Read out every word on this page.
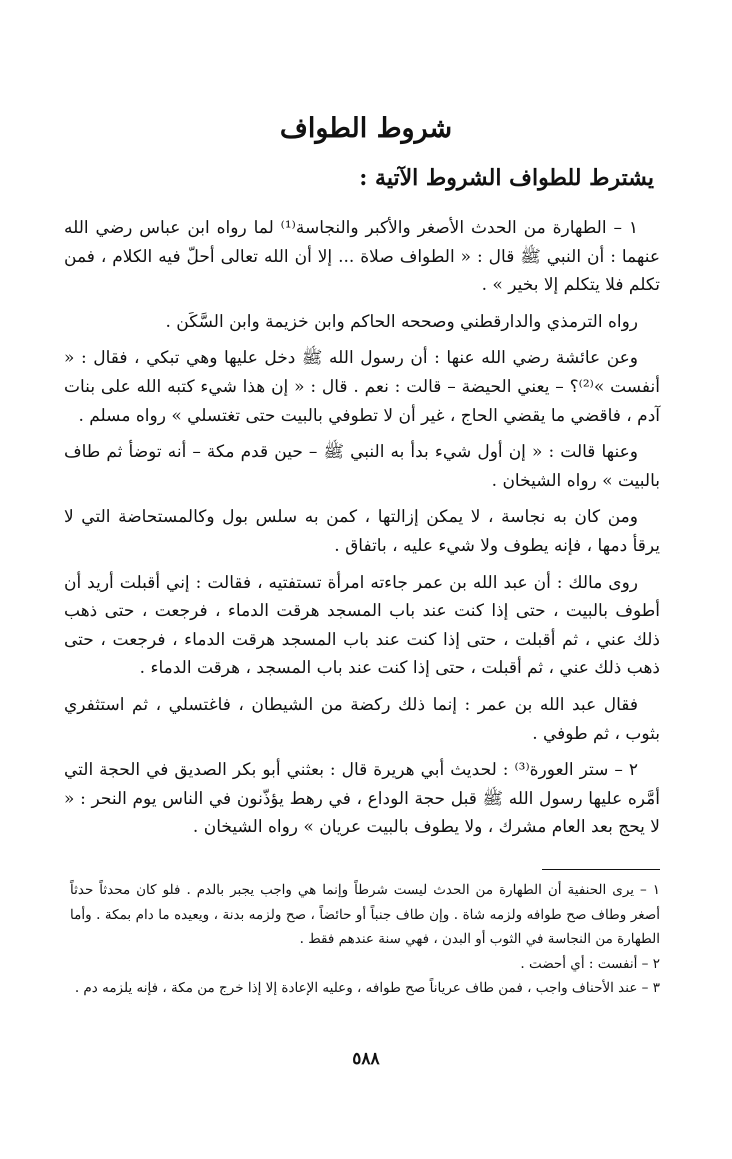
شروط الطواف
يشترط للطواف الشروط الآتية :

١ – الطهارة من الحدث الأصغر والأكبر والنجاسة⁽¹⁾ لما رواه ابن عباس رضي الله عنهما : أن النبي ﷺ قال : « الطواف صلاة ... إلا أن الله تعالى أحلّ فيه الكلام ، فمن تكلم فلا يتكلم إلا بخير » .

رواه الترمذي والدارقطني وصححه الحاكم وابن خزيمة وابن السَّكَن .

وعن عائشة رضي الله عنها : أن رسول الله ﷺ دخل عليها وهي تبكي ، فقال : « أنفست »⁽²⁾؟ – يعني الحيضة – قالت : نعم . قال : « إن هذا شيء كتبه الله على بنات آدم ، فاقضي ما يقضي الحاج ، غير أن لا تطوفي بالبيت حتى تغتسلي » رواه مسلم .

وعنها قالت : « إن أول شيء بدأ به النبي ﷺ – حين قدم مكة – أنه توضأ ثم طاف بالبيت » رواه الشيخان .

ومن كان به نجاسة ، لا يمكن إزالتها ، كمن به سلس بول وكالمستحاضة التي لا يرقأ دمها ، فإنه يطوف ولا شيء عليه ، باتفاق .

روى مالك : أن عبد الله بن عمر جاءته امرأة تستفتيه ، فقالت : إني أقبلت أريد أن أطوف بالبيت ، حتى إذا كنت عند باب المسجد هرقت الدماء ، فرجعت ، حتى ذهب ذلك عني ، ثم أقبلت ، حتى إذا كنت عند باب المسجد هرقت الدماء ، فرجعت ، حتى ذهب ذلك عني ، ثم أقبلت ، حتى إذا كنت عند باب المسجد ، هرقت الدماء .

فقال عبد الله بن عمر : إنما ذلك ركضة من الشيطان ، فاغتسلي ، ثم استثفري بثوب ، ثم طوفي .

٢ – ستر العورة⁽³⁾ : لحديث أبي هريرة قال : بعثني أبو بكر الصديق في الحجة التي أمَّره عليها رسول الله ﷺ قبل حجة الوداع ، في رهط يؤذّنون في الناس يوم النحر : « لا يحج بعد العام مشرك ، ولا يطوف بالبيت عريان » رواه الشيخان .

١ – يرى الحنفية أن الطهارة من الحدث ليست شرطاً وإنما هي واجب يجبر بالدم . فلو كان محدثاً حدثاً أصغر وطاف صح طوافه ولزمه شاة . وإن طاف جنباً أو حائضاً ، صح ولزمه بدنة ، ويعيده ما دام بمكة . وأما الطهارة من النجاسة في الثوب أو البدن ، فهي سنة عندهم فقط .

٢ – أنفست : أي أحضت .

٣ – عند الأحناف واجب ، فمن طاف عرياناً صح طوافه ، وعليه الإعادة إلا إذا خرج من مكة ، فإنه يلزمه دم .

٥٨٨
